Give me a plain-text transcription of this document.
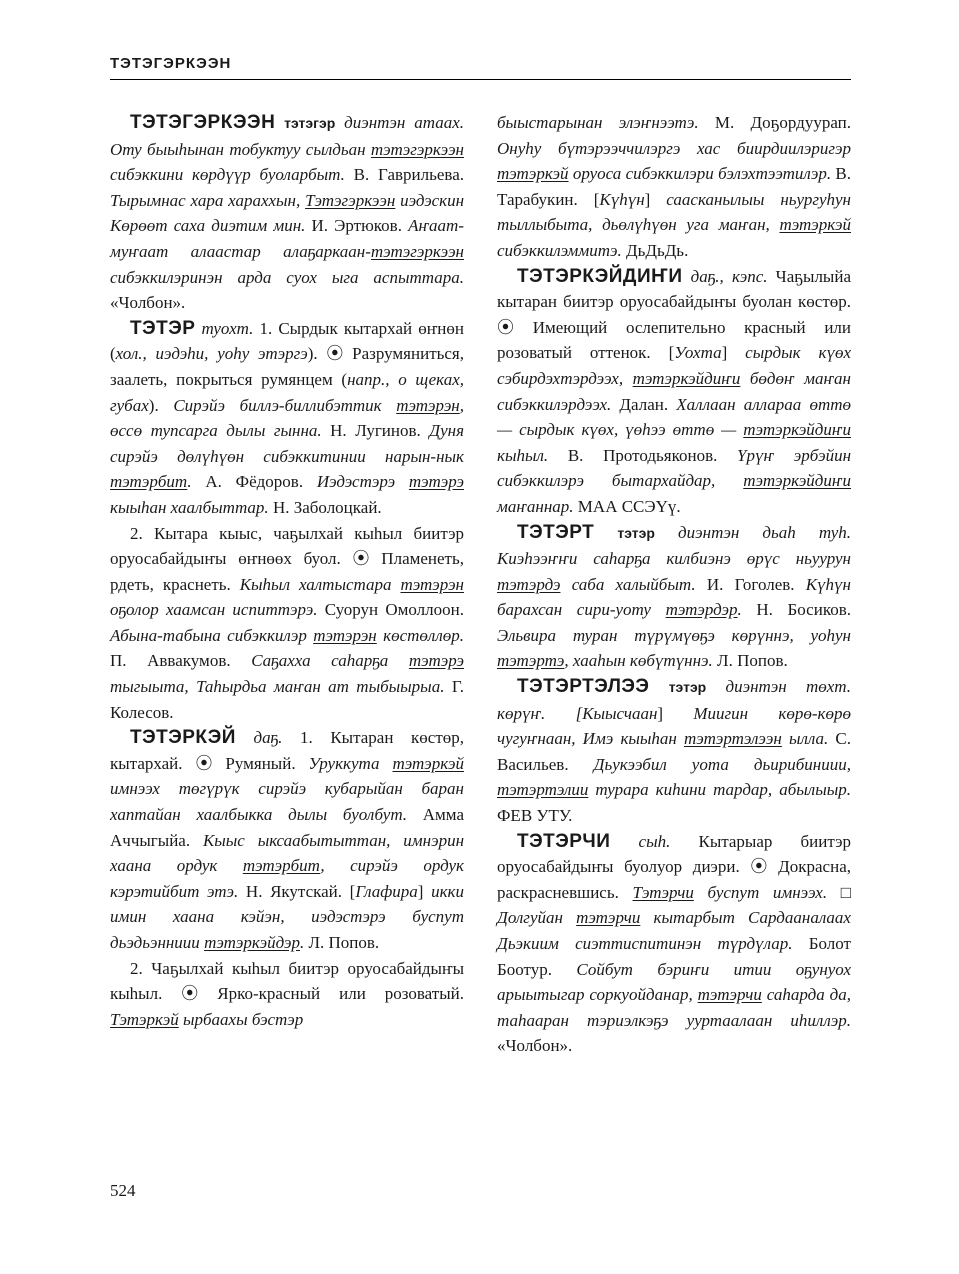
ТЭТЭГЭРКЭЭН

ТЭТЭГЭРКЭЭН тэтэгэр диэнтэн атаах. Оту быыһынан тобуктуу сылдьан тэтэгэркээн сибэккини көрдүүр буоларбыт. В. Гаврильева. Тырымнас хара хараххын, Тэтэгэркээн иэдэскин Көрөөт саха диэтим мин. И. Эртюков. Аҥаат-муҥаат алаастар алаҕаркаан-тэтэгэркээн сибэккилэринэн арда суох ыга аспыттара. «Чолбон».

ТЭТЭР туохт. 1. Сырдык кытархай өҥнөн (хол., иэдэһи, уоһу этэргэ). ⦿ Разрумяниться, заалеть, покрыться румянцем (напр., о щеках, губах). Сирэйэ биллэ-биллибэттик тэтэрэн, өссө тупсарга дылы гынна. Н. Лугинов. Дуня сирэйэ дөлүһүөн сибэккитинии нарын-нык тэтэрбит. А. Фёдоров. Иэдэстэрэ тэтэрэ кыыһан хаалбыттар. Н. Заболоцкай.

2. Кытара кыыс, чаҕылхай кыһыл биитэр оруосабайдыҥы өҥнөөх буол. ⦿ Пламенеть, рдеть, краснеть. Кыһыл халтыстара тэтэрэн оҕолор хаамсан испиттэрэ. Суорун Омоллоон. Абына-табына сибэккилэр тэтэрэн көстөллөр. П. Аввакумов. Саҕахха саһарҕа тэтэрэ тыгыыта, Таһырдьа маҥан ат тыбыырыа. Г. Колесов.

ТЭТЭРКЭЙ даҕ. 1. Кытаран көстөр, кытархай. ⦿ Румяный. Уруккута тэтэркэй имнээх төгүрүк сирэйэ кубарыйан баран хаптайан хаалбыкка дылы буолбут. Амма Аччыгыйа. Кыыс ыксаабытыттан, имнэрин хаана ордук тэтэрбит, сирэйэ ордук кэрэтийбит этэ. Н. Якутскай. [Глафира] икки имин хаана кэйэн, иэдэстэрэ буспут дьэдьэнниии тэтэркэйдэр. Л. Попов.

2. Чаҕылхай кыһыл биитэр оруосабайдыҥы кыһыл. ⦿ Ярко-красный или розоватый. Тэтэркэй ырбаахы бэстэр

быыстарынан элэҥнээтэ. М. Доҕордуурап. Онуһу бүтэрээччилэргэ хас биирдиилэригэр тэтэркэй оруоса сибэккилэри бэлэхтээтилэр. В. Тарабукин. [Күһүн] саасканылыы ньургуһун тыллыбыта, дьөлүһүөн уга маҥан, тэтэркэй сибэккилэммитэ. ДьДьДь.

ТЭТЭРКЭЙДИҤИ даҕ., кэпс. Чаҕылыйа кытаран биитэр оруосабайдыҥы буолан көстөр. ⦿ Имеющий ослепительно красный или розоватый оттенок. [Уохта] сырдык күөх сэбирдэхтэрдээх, тэтэркэйдиҥи бөдөҥ маҥан сибэккилэрдээх. Далан. Халлаан аллараа өттө — сырдык күөх, үөһээ өттө — тэтэркэйдиҥи кыһыл. В. Протодьяконов. Үрүҥ эрбэйин сибэккилэрэ бытархайдар, тэтэркэйдиҥи маҥаннар. МАА ССЭҮү.

ТЭТЭРТ тэтэр диэнтэн дьаһ туһ. Киэһээҥҥи саһарҕа килбиэнэ өрүс ньуурун тэтэрдэ саба халыйбыт. И. Гоголев. Күһүн барахсан сири-уоту тэтэрдэр. Н. Босиков. Эльвира туран түрүмүөҕэ көрүннэ, уоһун тэтэртэ, хааһын көбүтүннэ. Л. Попов.

ТЭТЭРТЭЛЭЭ тэтэр диэнтэн төхт. көрүҥ. [Кыысчаан] Миигин көрө-көрө чугуҥнаан, Имэ кыыһан тэтэртэлээн ылла. С. Васильев. Дьукээбил уота дьирибиниии, тэтэртэлии турара киһини тардар, абылыыр. ФЕВ УТУ.

ТЭТЭРЧИ сыһ. Кытарыар биитэр оруосабайдыҥы буолуор диэри. ⦿ Докрасна, раскрасневшись. Тэтэрчи буспут имнээх. □ Долгуйан тэтэрчи кытарбыт Сардааналаах Дьэкиим сиэттиспитинэн түрдүлар. Болот Боотур. Сойбут бэриҥи итии оҕунуох арыытыгар соркуойданар, тэтэрчи саһарда да, таһааран тэриэлкэҕэ ууртаалаан иһиллэр. «Чолбон».

524
